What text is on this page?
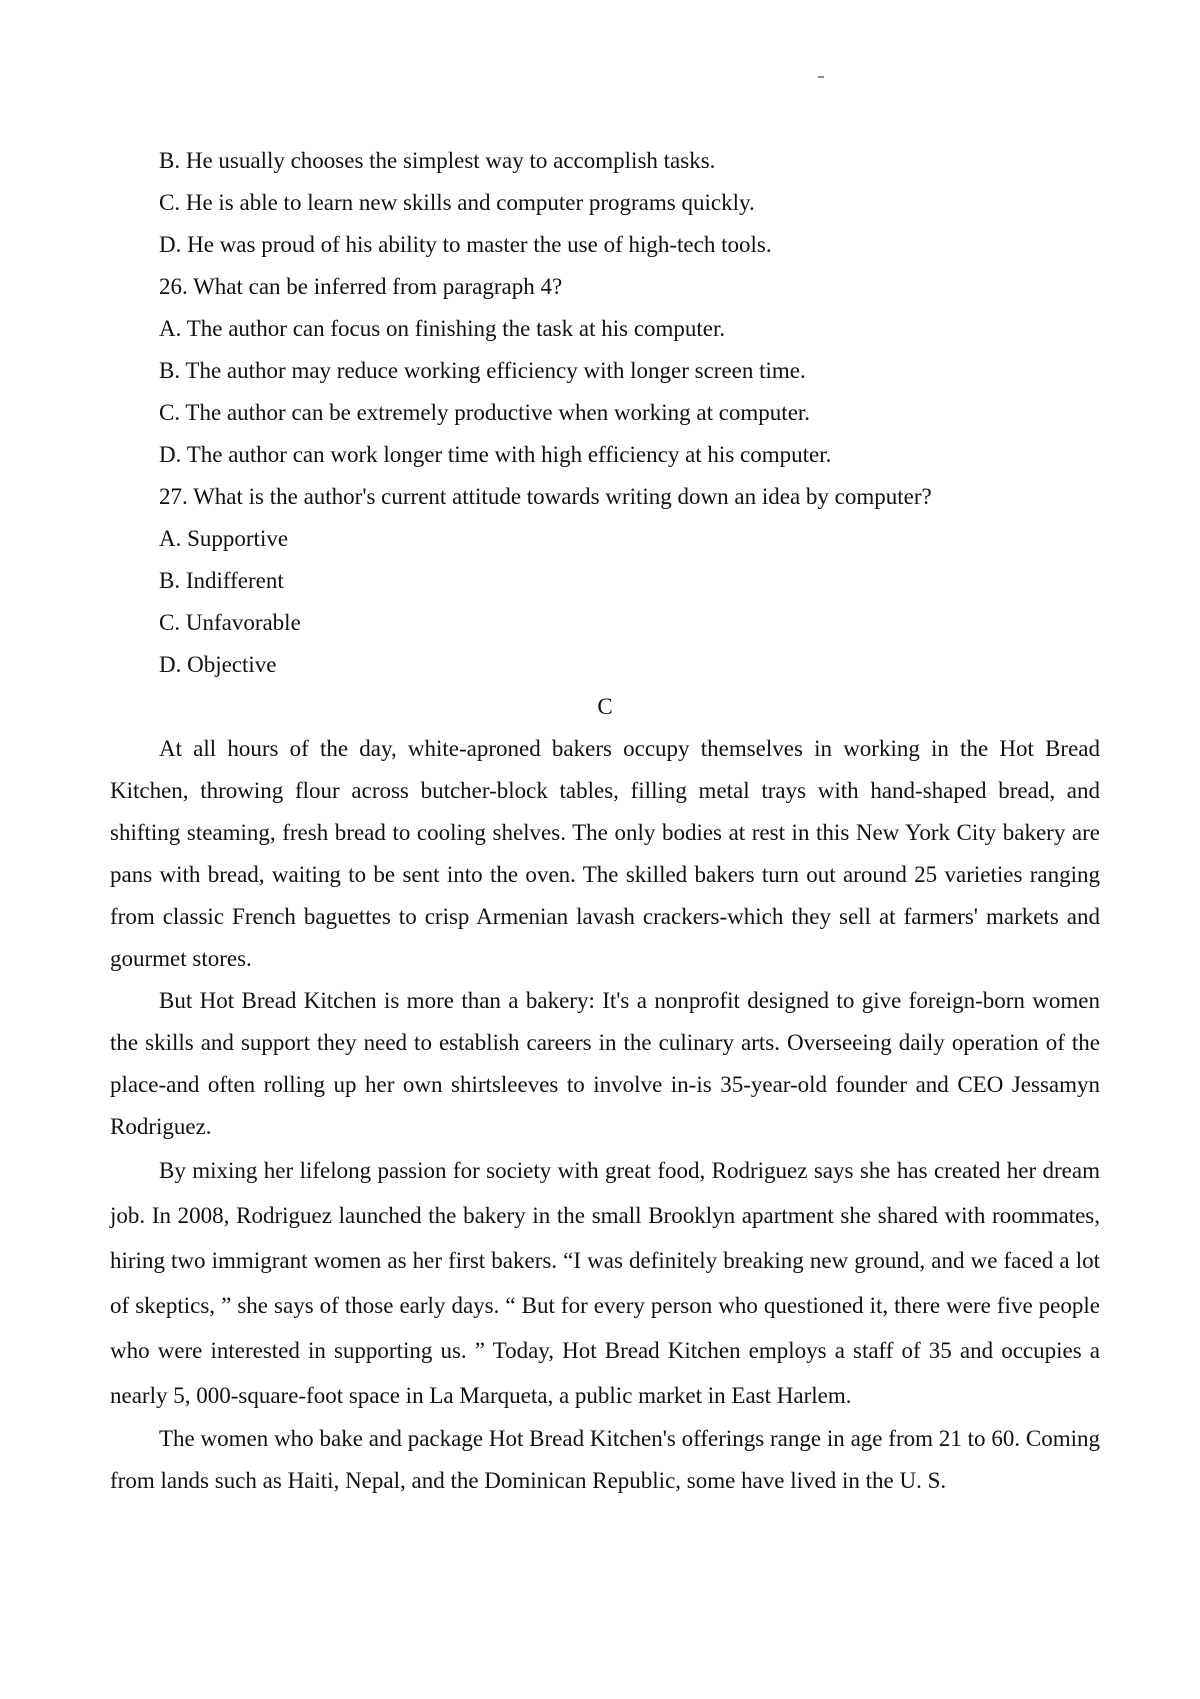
B. He usually chooses the simplest way to accomplish tasks.
C. He is able to learn new skills and computer programs quickly.
D. He was proud of his ability to master the use of high-tech tools.
26. What can be inferred from paragraph 4?
A. The author can focus on finishing the task at his computer.
B. The author may reduce working efficiency with longer screen time.
C. The author can be extremely productive when working at computer.
D. The author can work longer time with high efficiency at his computer.
27. What is the author's current attitude towards writing down an idea by computer?
A. Supportive
B. Indifferent
C. Unfavorable
D. Objective
C

At all hours of the day, white-aproned bakers occupy themselves in working in the Hot Bread Kitchen, throwing flour across butcher-block tables, filling metal trays with hand-shaped bread, and shifting steaming, fresh bread to cooling shelves. The only bodies at rest in this New York City bakery are pans with bread, waiting to be sent into the oven. The skilled bakers turn out around 25 varieties ranging from classic French baguettes to crisp Armenian lavash crackers-which they sell at farmers' markets and gourmet stores.

But Hot Bread Kitchen is more than a bakery: It's a nonprofit designed to give foreign-born women the skills and support they need to establish careers in the culinary arts. Overseeing daily operation of the place-and often rolling up her own shirtsleeves to involve in-is 35-year-old founder and CEO Jessamyn Rodriguez.

By mixing her lifelong passion for society with great food, Rodriguez says she has created her dream job. In 2008, Rodriguez launched the bakery in the small Brooklyn apartment she shared with roommates, hiring two immigrant women as her first bakers. “I was definitely breaking new ground, and we faced a lot of skeptics, ” she says of those early days. “ But for every person who questioned it, there were five people who were interested in supporting us. ” Today, Hot Bread Kitchen employs a staff of 35 and occupies a nearly 5, 000-square-foot space in La Marqueta, a public market in East Harlem.

The women who bake and package Hot Bread Kitchen's offerings range in age from 21 to 60. Coming from lands such as Haiti, Nepal, and the Dominican Republic, some have lived in the U. S.
